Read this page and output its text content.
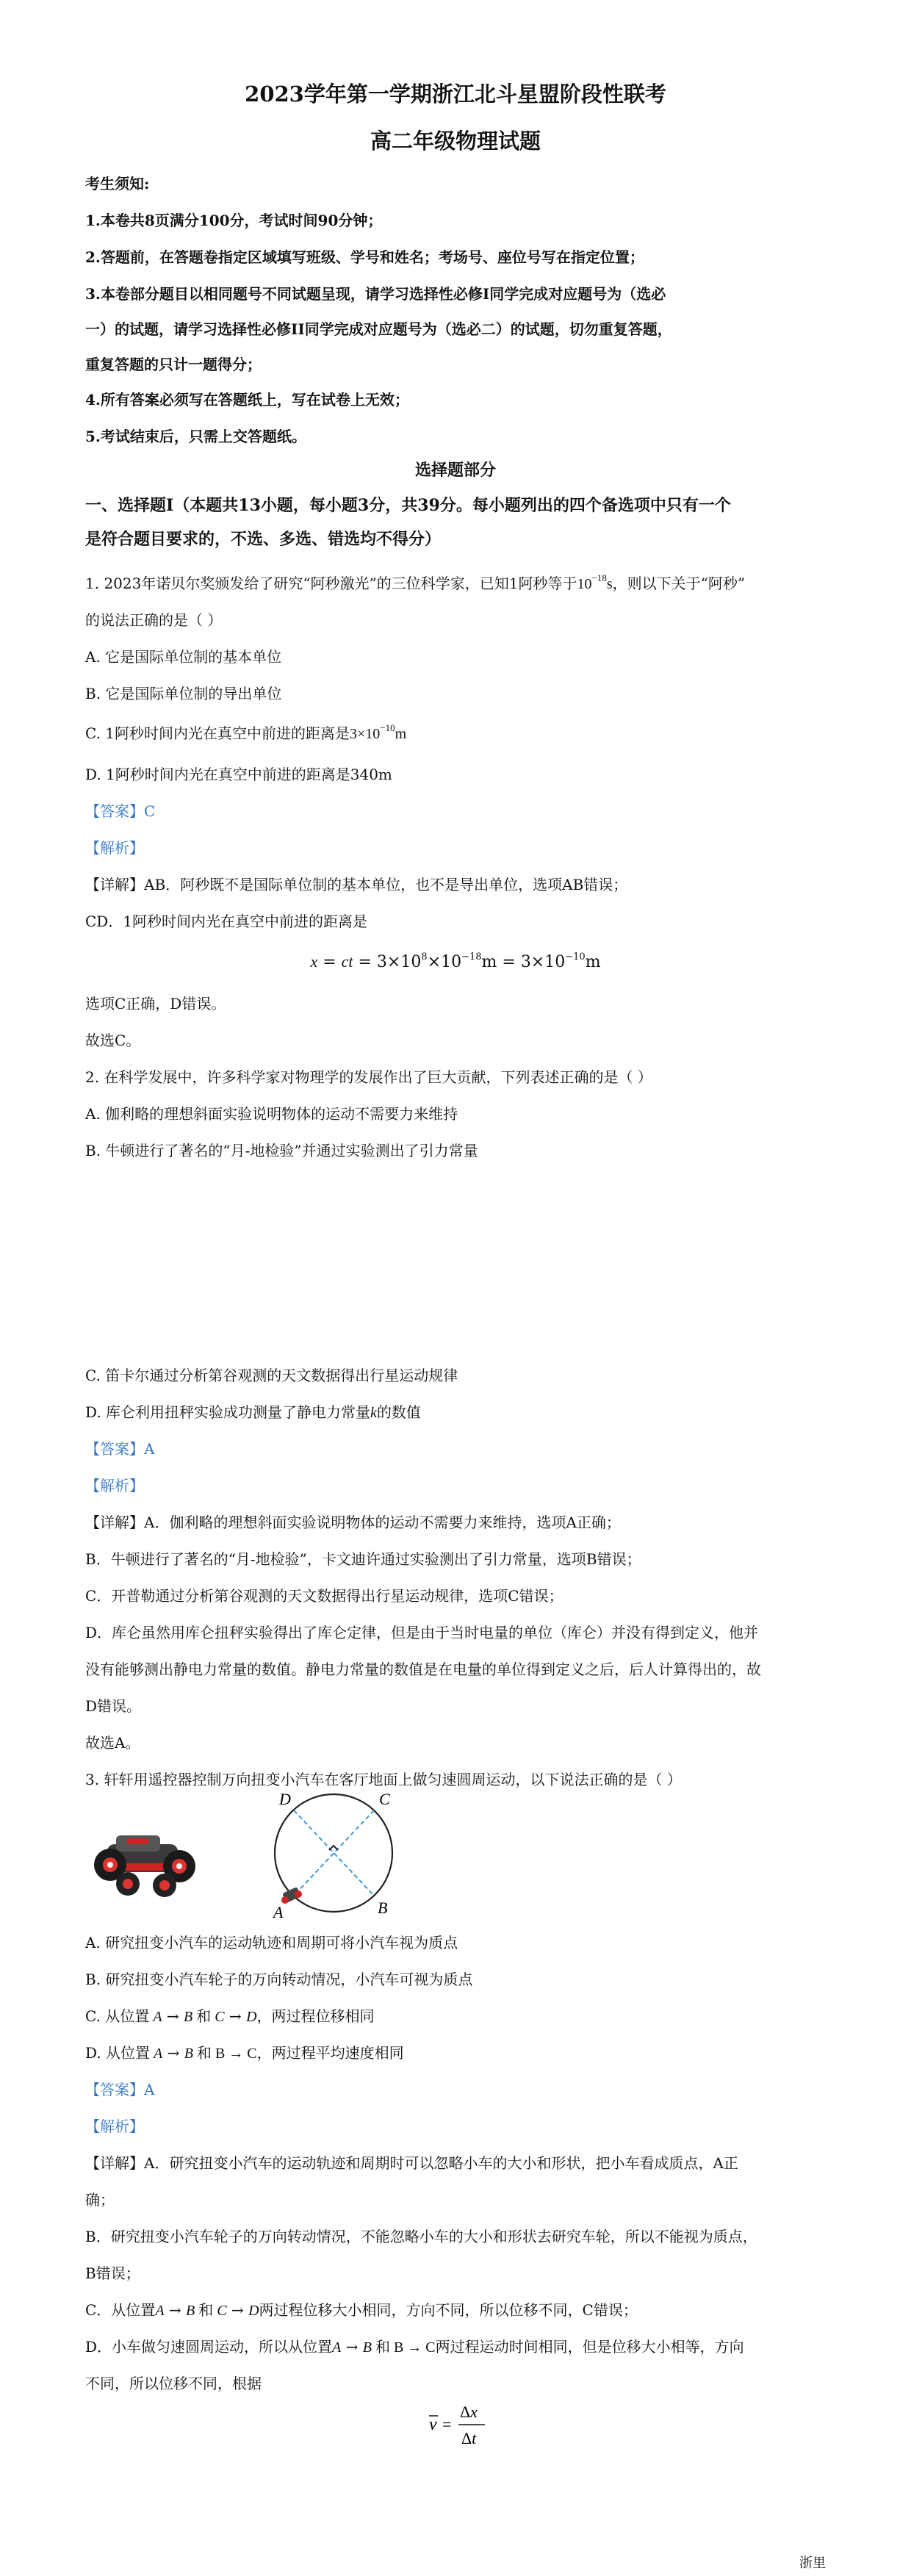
2023学年第一学期浙江北斗星盟阶段性联考
高二年级物理试题
考生须知:
1.本卷共8页满分100分，考试时间90分钟；
2.答题前，在答题卷指定区域填写班级、学号和姓名；考场号、座位号写在指定位置；
3.本卷部分题目以相同题号不同试题呈现，请学习选择性必修I同学完成对应题号为（选必
一）的试题，请学习选择性必修II同学完成对应题号为（选必二）的试题，切勿重复答题，
重复答题的只计一题得分；
4.所有答案必须写在答题纸上，写在试卷上无效；
5.考试结束后，只需上交答题纸。
选择题部分
一、选择题I（本题共13小题，每小题3分，共39分。每小题列出的四个备选项中只有一个
是符合题目要求的，不选、多选、错选均不得分）
1. 2023年诺贝尔奖颁发给了研究“阿秒激光”的三位科学家，已知1阿秒等于$10^{-18}s$，则以下关于“阿秒”
的说法正确的是（ ）
A. 它是国际单位制的基本单位
B. 它是国际单位制的导出单位
C. 1阿秒时间内光在真空中前进的距离是$3\times 10^{-10}m$
D. 1阿秒时间内光在真空中前进的距离是340m
【答案】C
【解析】
【详解】AB．阿秒既不是国际单位制的基本单位，也不是导出单位，选项AB错误；
CD．1阿秒时间内光在真空中前进的距离是
x = ct = $3\times 10^8\times 10^{-18}m = 3\times 10^{-10}m$
选项C正确，D错误。
故选C。
2. 在科学发展中，许多科学家对物理学的发展作出了巨大贡献，下列表述正确的是（ ）
A. 伽利略的理想斜面实验说明物体的运动不需要力来维持
B. 牛顿进行了著名的“月-地检验”并通过实验测出了引力常量
C. 笛卡尔通过分析第谷观测的天文数据得出行星运动规律
D. 库仑利用扭秤实验成功测量了静电力常量k的数值
【答案】A
【解析】
【详解】A．伽利略的理想斜面实验说明物体的运动不需要力来维持，选项A正确；
B．牛顿进行了著名的“月-地检验”，卡文迪许通过实验测出了引力常量，选项B错误；
C．开普勒通过分析第谷观测的天文数据得出行星运动规律，选项C错误；
D．库仑虽然用库仑扭秤实验得出了库仑定律，但是由于当时电量的单位（库仑）并没有得到定义，他并
没有能够测出静电力常量的数值。静电力常量的数值是在电量的单位得到定义之后，后人计算得出的，故
D错误。
故选A。
3. 轩轩用遥控器控制万向扭变小汽车在客厅地面上做匀速圆周运动，以下说法正确的是（ ）
D	C
A	B
A. 研究扭变小汽车的运动轨迹和周期可将小汽车视为质点
B. 研究扭变小汽车轮子的万向转动情况，小汽车可视为质点
C. 从位置 A → B 和 C → D，两过程位移相同
D. 从位置 A → B 和 B → C，两过程平均速度相同
【答案】A
【解析】
【详解】A．研究扭变小汽车的运动轨迹和周期时可以忽略小车的大小和形状，把小车看成质点，A正
确；
B．研究扭变小汽车轮子的万向转动情况，不能忽略小车的大小和形状去研究车轮，所以不能视为质点，
B错误；
C．从位置A → B 和 C → D两过程位移大小相同，方向不同，所以位移不同，C错误；
D．小车做匀速圆周运动，所以从位置A → B 和 B → C两过程运动时间相同，但是位移大小相等，方向
不同，所以位移不同，根据
v =
Δx
Δt
浙里
